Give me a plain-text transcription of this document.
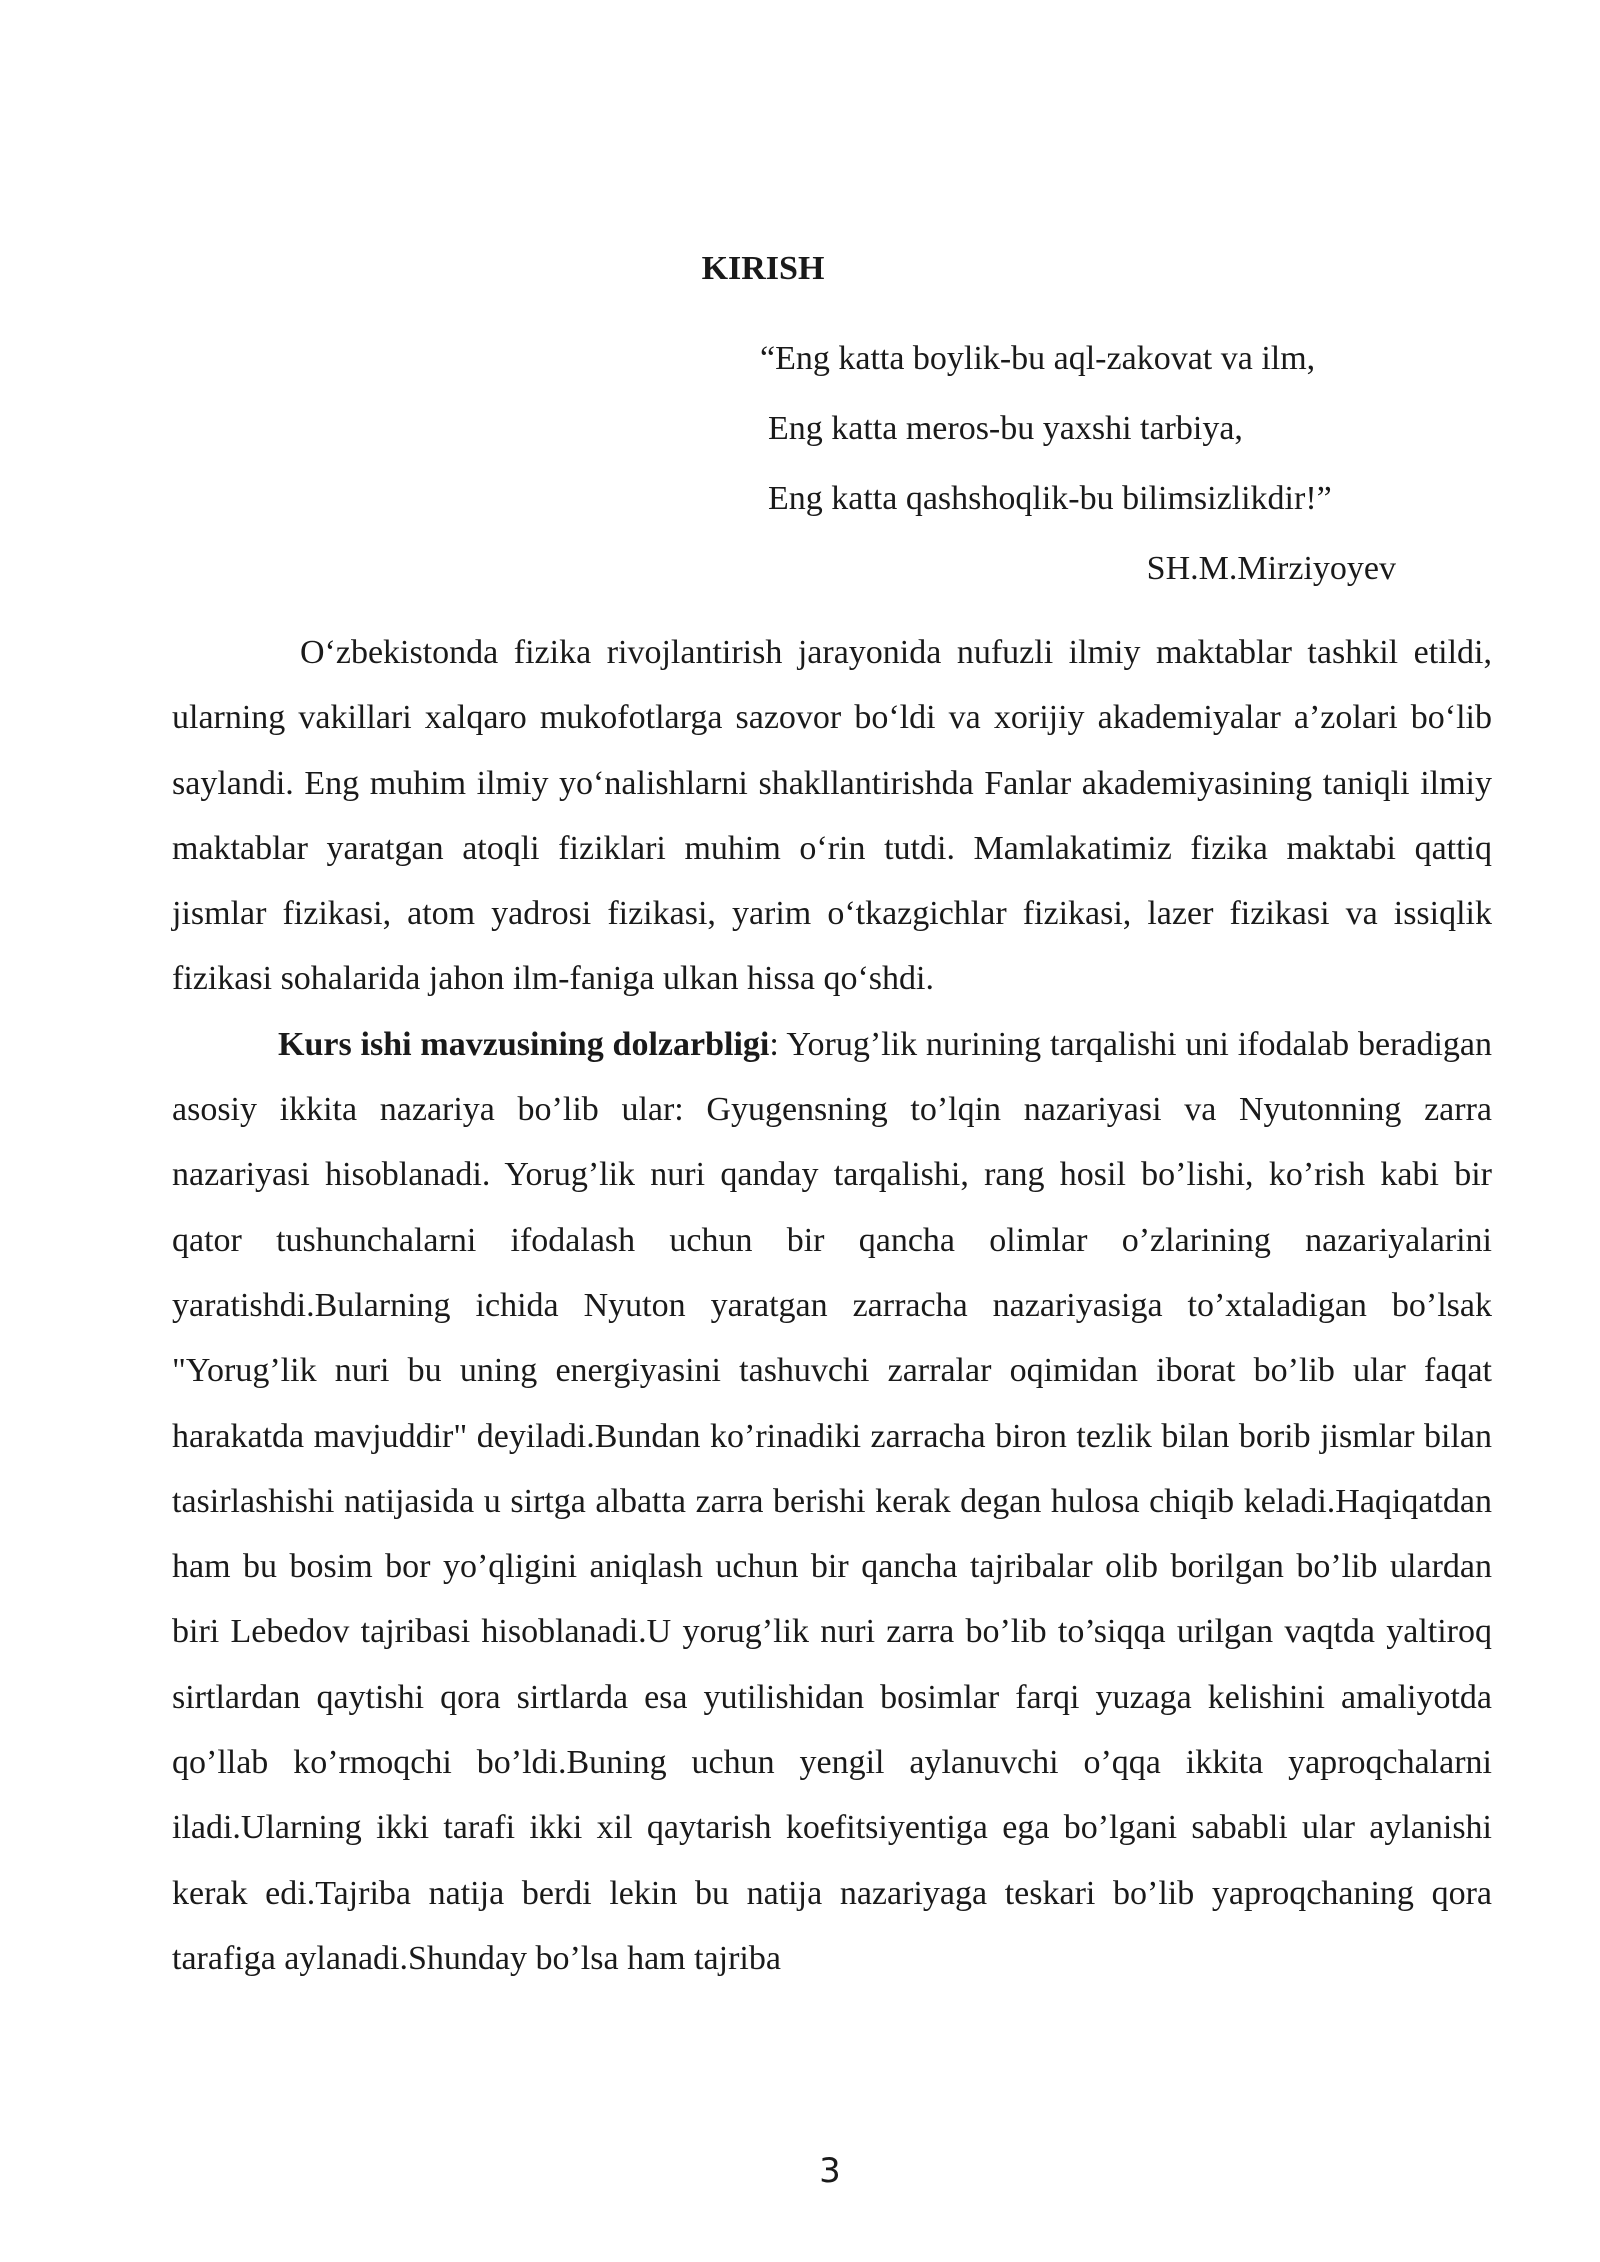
KIRISH
“Eng katta boylik-bu aql-zakovat va ilm,
Eng katta meros-bu yaxshi tarbiya,
Eng katta qashshoqlik-bu bilimsizlikdir!”
SH.M.Mirziyoyev

O‘zbekistonda fizika rivojlantirish jarayonida nufuzli ilmiy maktablar tashkil etildi, ularning vakillari xalqaro mukofotlarga sazovor bo‘ldi va xorijiy akademiyalar a’zolari bo‘lib saylandi. Eng muhim ilmiy yo‘nalishlarni shakllantirishda Fanlar akademiyasining taniqli ilmiy maktablar yaratgan atoqli fiziklari muhim o‘rin tutdi. Mamlakatimiz fizika maktabi qattiq jismlar fizikasi, atom yadrosi fizikasi, yarim o‘tkazgichlar fizikasi, lazer fizikasi va issiqlik fizikasi sohalarida jahon ilm-faniga ulkan hissa qo‘shdi.

Kurs ishi mavzusining dolzarbligi: Yorug’lik nurining tarqalishi uni ifodalab beradigan asosiy ikkita nazariya bo’lib ular: Gyugensning to’lqin nazariyasi va Nyutonning zarra nazariyasi hisoblanadi. Yorug’lik nuri qanday tarqalishi, rang hosil bo’lishi, ko’rish kabi bir qator tushunchalarni ifodalash uchun bir qancha olimlar o’zlarining nazariyalarini yaratishdi.Bularning ichida Nyuton yaratgan zarracha nazariyasiga to’xtaladigan bo’lsak "Yorug’lik nuri bu uning energiyasini tashuvchi zarralar oqimidan iborat bo’lib ular faqat harakatda mavjuddir" deyiladi.Bundan ko’rinadiki zarracha biron tezlik bilan borib jismlar bilan tasirlashishi natijasida u sirtga albatta zarra berishi kerak degan hulosa chiqib keladi.Haqiqatdan ham bu bosim bor yo’qligini aniqlash uchun bir qancha tajribalar olib borilgan bo’lib ulardan biri Lebedov tajribasi hisoblanadi.U yorug’lik nuri zarra bo’lib to’siqqa urilgan vaqtda yaltiroq sirtlardan qaytishi qora sirtlarda esa yutilishidan bosimlar farqi yuzaga kelishini amaliyotda qo’llab ko’rmoqchi bo’ldi.Buning uchun yengil aylanuvchi o’qqa ikkita yaproqchalarni iladi.Ularning ikki tarafi ikki xil qaytarish koefitsiyentiga ega bo’lgani sababli ular aylanishi kerak edi.Tajriba natija berdi lekin bu natija nazariyaga teskari bo’lib yaproqchaning qora tarafiga aylanadi.Shunday bo’lsa ham tajriba

3
